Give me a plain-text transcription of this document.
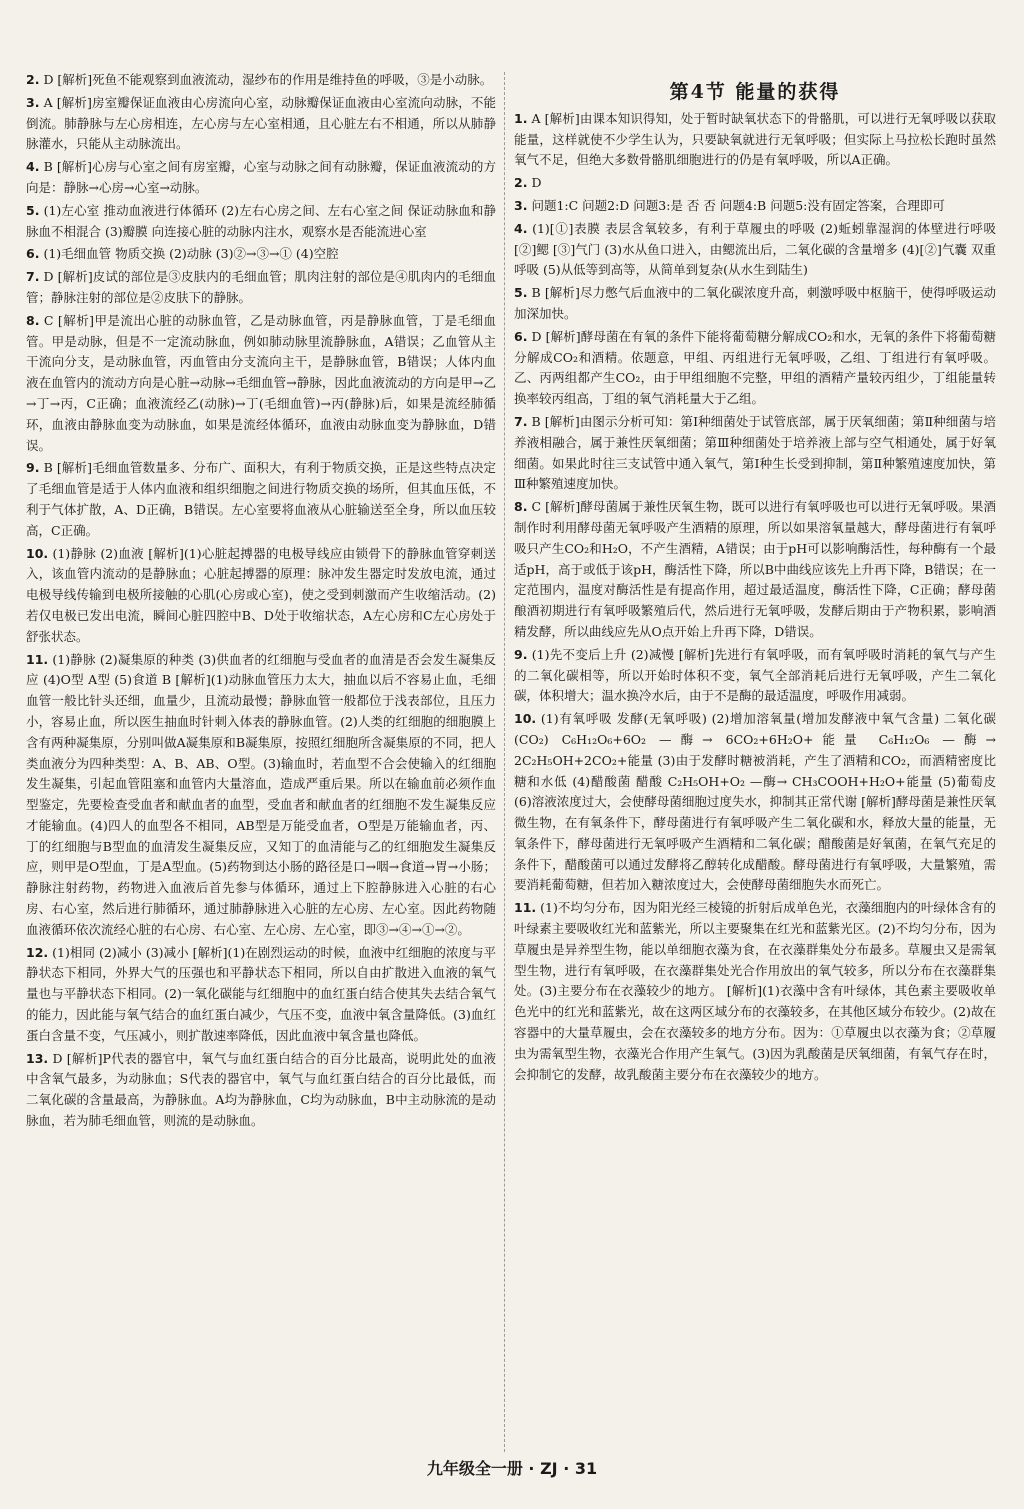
2. D [解析]死鱼不能观察到血液流动，湿纱布的作用是维持鱼的呼吸，③是小动脉。
3. A [解析]房室瓣保证血液由心房流向心室，动脉瓣保证血液由心室流向动脉，不能倒流。肺静脉与左心房相连，左心房与左心室相通，且心脏左右不相通，所以从肺静脉灌水，只能从主动脉流出。
4. B [解析]心房与心室之间有房室瓣，心室与动脉之间有动脉瓣，保证血液流动的方向是：静脉→心房→心室→动脉。
5. (1)左心室 推动血液进行体循环 (2)左右心房之间、左右心室之间 保证动脉血和静脉血不相混合 (3)瓣膜 向连接心脏的动脉内注水，观察水是否能流进心室
6. (1)毛细血管 物质交换 (2)动脉 (3)②→③→① (4)空腔
7. D [解析]皮试的部位是③皮肤内的毛细血管；肌肉注射的部位是④肌肉内的毛细血管；静脉注射的部位是②皮肤下的静脉。
8. C [解析]甲是流出心脏的动脉血管，乙是动脉血管，丙是静脉血管，丁是毛细血管。甲是动脉，但是不一定流动脉血，例如肺动脉里流静脉血，A错误；乙血管从主干流向分支，是动脉血管，丙血管由分支流向主干，是静脉血管，B错误；人体内血液在血管内的流动方向是心脏→动脉→毛细血管→静脉，因此血液流动的方向是甲→乙→丁→丙，C正确；血液流经乙(动脉)→丁(毛细血管)→丙(静脉)后，如果是流经肺循环，血液由静脉血变为动脉血，如果是流经体循环，血液由动脉血变为静脉血，D错误。
9. B [解析]毛细血管数量多、分布广、面积大，有利于物质交换，正是这些特点决定了毛细血管是适于人体内血液和组织细胞之间进行物质交换的场所，但其血压低，不利于气体扩散，A、D正确，B错误。左心室要将血液从心脏输送至全身，所以血压较高，C正确。
10. (1)静脉 (2)血液 [解析](1)心脏起搏器的电极导线应由锁骨下的静脉血管穿刺送入，该血管内流动的是静脉血；心脏起搏器的原理：脉冲发生器定时发放电流，通过电极导线传输到电极所接触的心肌(心房或心室)，使之受到刺激而产生收缩活动。(2)若仅电极已发出电流，瞬间心脏四腔中B、D处于收缩状态，A左心房和C左心房处于舒张状态。
11. (1)静脉 (2)凝集原的种类 (3)供血者的红细胞与受血者的血清是否会发生凝集反应 (4)O型 A型 (5)食道 B [解析](1)动脉血管压力太大，抽血以后不容易止血，毛细血管一般比针头还细，血量少，且流动最慢；静脉血管一般都位于浅表部位，且压力小，容易止血，所以医生抽血时针刺入体表的静脉血管。(2)人类的红细胞的细胞膜上含有两种凝集原，分别叫做A凝集原和B凝集原，按照红细胞所含凝集原的不同，把人类血液分为四种类型：A、B、AB、O型。(3)输血时，若血型不合会使输入的红细胞发生凝集，引起血管阻塞和血管内大量溶血，造成严重后果。所以在输血前必须作血型鉴定，先要检查受血者和献血者的血型，受血者和献血者的红细胞不发生凝集反应才能输血。(4)四人的血型各不相同，AB型是万能受血者，O型是万能输血者，丙、丁的红细胞与B型血的血清发生凝集反应，又知丁的血清能与乙的红细胞发生凝集反应，则甲是O型血，丁是A型血。(5)药物到达小肠的路径是口→咽→食道→胃→小肠；静脉注射药物，药物进入血液后首先参与体循环，通过上下腔静脉进入心脏的右心房、右心室，然后进行肺循环，通过肺静脉进入心脏的左心房、左心室。因此药物随血液循环依次流经心脏的右心房、右心室、左心房、左心室，即③→④→①→②。
12. (1)相同 (2)减小 (3)减小 [解析](1)在剧烈运动的时候，血液中红细胞的浓度与平静状态下相同，外界大气的压强也和平静状态下相同，所以自由扩散进入血液的氧气量也与平静状态下相同。(2)一氧化碳能与红细胞中的血红蛋白结合使其失去结合氧气的能力，因此能与氧气结合的血红蛋白减少，气压不变，血液中氧含量降低。(3)血红蛋白含量不变，气压减小，则扩散速率降低，因此血液中氧含量也降低。
13. D [解析]P代表的器官中，氧气与血红蛋白结合的百分比最高，说明此处的血液中含氧气最多，为动脉血；S代表的器官中，氧气与血红蛋白结合的百分比最低，而二氧化碳的含量最高，为静脉血。A均为静脉血，C均为动脉血，B中主动脉流的是动脉血，若为肺毛细血管，则流的是动脉血。
第4节 能量的获得
1. A [解析]由课本知识得知，处于暂时缺氧状态下的骨骼肌，可以进行无氧呼吸以获取能量，这样就使不少学生认为，只要缺氧就进行无氧呼吸；但实际上马拉松长跑时虽然氧气不足，但绝大多数骨骼肌细胞进行的仍是有氧呼吸，所以A正确。
2. D
3. 问题1:C 问题2:D 问题3:是 否 否 问题4:B 问题5:没有固定答案，合理即可
4. (1)[①]表膜 表层含氧较多，有利于草履虫的呼吸 (2)蚯蚓靠湿润的体壁进行呼吸 [②]鳃 [③]气门 (3)水从鱼口进入，由鳃流出后，二氧化碳的含量增多 (4)[②]气囊 双重呼吸 (5)从低等到高等，从简单到复杂(从水生到陆生)
5. B [解析]尽力憋气后血液中的二氧化碳浓度升高，刺激呼吸中枢脑干，使得呼吸运动加深加快。
6. D [解析]酵母菌在有氧的条件下能将葡萄糖分解成CO₂和水，无氧的条件下将葡萄糖分解成CO₂和酒精。依题意，甲组、丙组进行无氧呼吸，乙组、丁组进行有氧呼吸。乙、丙两组都产生CO₂，由于甲组细胞不完整，甲组的酒精产量较丙组少，丁组能量转换率较丙组高，丁组的氧气消耗量大于乙组。
7. B [解析]由图示分析可知：第Ⅰ种细菌处于试管底部，属于厌氧细菌；第Ⅱ种细菌与培养液相融合，属于兼性厌氧细菌；第Ⅲ种细菌处于培养液上部与空气相通处，属于好氧细菌。如果此时往三支试管中通入氧气，第Ⅰ种生长受到抑制，第Ⅱ种繁殖速度加快，第Ⅲ种繁殖速度加快。
8. C [解析]酵母菌属于兼性厌氧生物，既可以进行有氧呼吸也可以进行无氧呼吸。果酒制作时利用酵母菌无氧呼吸产生酒精的原理，所以如果溶氧量越大，酵母菌进行有氧呼吸只产生CO₂和H₂O，不产生酒精，A错误；由于pH可以影响酶活性，每种酶有一个最适pH，高于或低于该pH，酶活性下降，所以B中曲线应该先上升再下降，B错误；在一定范围内，温度对酶活性是有提高作用，超过最适温度，酶活性下降，C正确；酵母菌酿酒初期进行有氧呼吸繁殖后代，然后进行无氧呼吸，发酵后期由于产物积累，影响酒精发酵，所以曲线应先从O点开始上升再下降，D错误。
9. (1)先不变后上升 (2)减慢 [解析]先进行有氧呼吸，而有氧呼吸时消耗的氧气与产生的二氧化碳相等，所以开始时体积不变，氧气全部消耗后进行无氧呼吸，产生二氧化碳，体积增大；温水换冷水后，由于不是酶的最适温度，呼吸作用减弱。
10. (1)有氧呼吸 发酵(无氧呼吸) (2)增加溶氧量(增加发酵液中氧气含量) 二氧化碳(CO₂) C₆H₁₂O₆+6O₂ —酶→ 6CO₂+6H₂O+能量 C₆H₁₂O₆ —酶→ 2C₂H₅OH+2CO₂+能量 (3)由于发酵时糖被消耗，产生了酒精和CO₂，而酒精密度比糖和水低 (4)醋酸菌 醋酸 C₂H₅OH+O₂ —酶→ CH₃COOH+H₂O+能量 (5)葡萄皮 (6)溶液浓度过大，会使酵母菌细胞过度失水，抑制其正常代谢 [解析]酵母菌是兼性厌氧微生物，在有氧条件下，酵母菌进行有氧呼吸产生二氧化碳和水，释放大量的能量，无氧条件下，酵母菌进行无氧呼吸产生酒精和二氧化碳；醋酸菌是好氧菌，在氧气充足的条件下，醋酸菌可以通过发酵将乙醇转化成醋酸。酵母菌进行有氧呼吸，大量繁殖，需要消耗葡萄糖，但若加入糖浓度过大，会使酵母菌细胞失水而死亡。
11. (1)不均匀分布，因为阳光经三棱镜的折射后成单色光，衣藻细胞内的叶绿体含有的叶绿素主要吸收红光和蓝紫光，所以主要聚集在红光和蓝紫光区。(2)不均匀分布，因为草履虫是异养型生物，能以单细胞衣藻为食，在衣藻群集处分布最多。草履虫又是需氧型生物，进行有氧呼吸，在衣藻群集处光合作用放出的氧气较多，所以分布在衣藻群集处。(3)主要分布在衣藻较少的地方。 [解析](1)衣藻中含有叶绿体，其色素主要吸收单色光中的红光和蓝紫光，故在这两区域分布的衣藻较多，在其他区域分布较少。(2)故在容器中的大量草履虫，会在衣藻较多的地方分布。因为：①草履虫以衣藻为食；②草履虫为需氧型生物，衣藻光合作用产生氧气。(3)因为乳酸菌是厌氧细菌，有氧气存在时，会抑制它的发酵，故乳酸菌主要分布在衣藻较少的地方。
九年级全一册 · ZJ · 31
